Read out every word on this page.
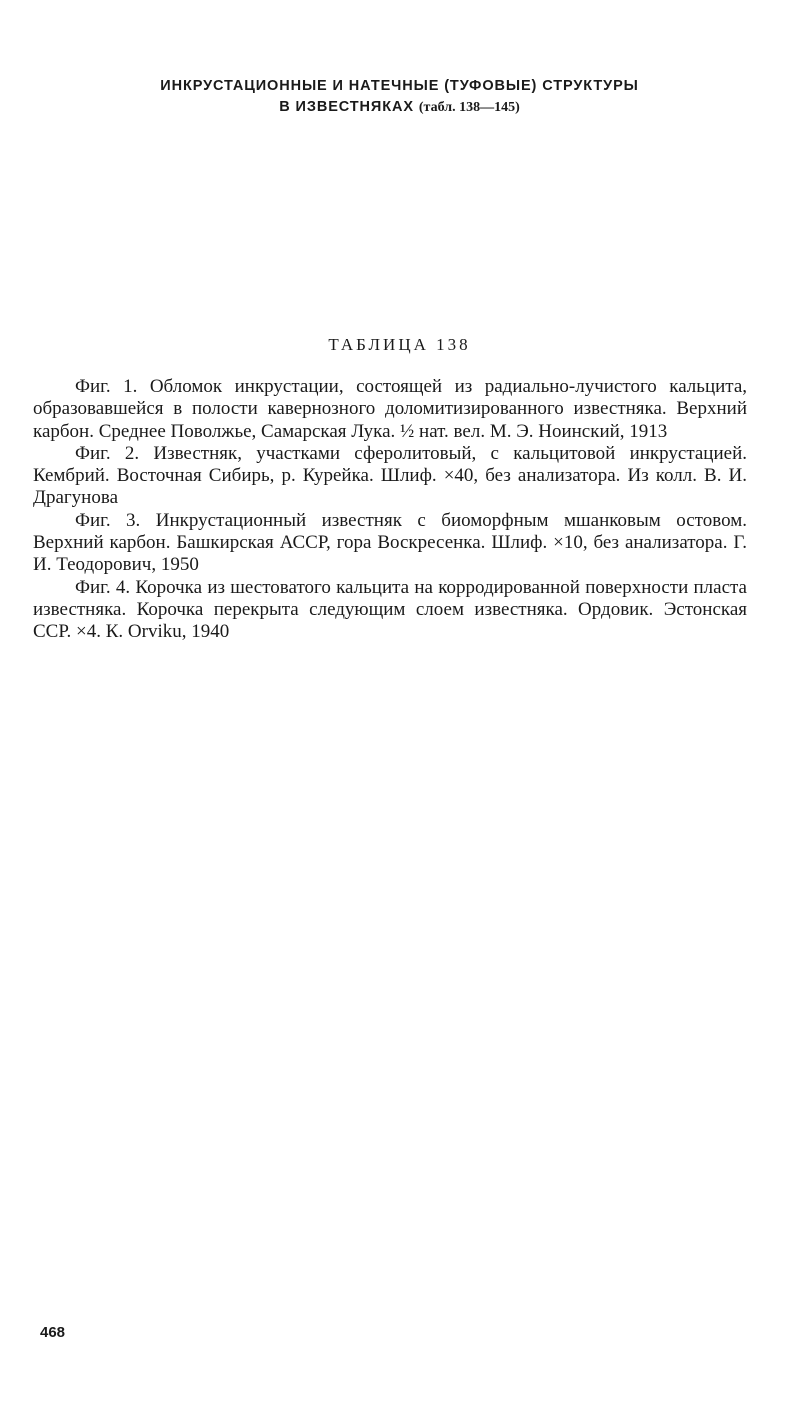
ИНКРУСТАЦИОННЫЕ И НАТЕЧНЫЕ (ТУФОВЫЕ) СТРУКТУРЫ
В ИЗВЕСТНЯКАХ (табл. 138—145)
ТАБЛИЦА 138

Фиг. 1. Обломок инкрустации, состоящей из радиально-лучистого кальцита, образовавшейся в полости кавернозного доломитизированного известняка. Верхний карбон. Среднее Поволжье, Самарская Лука. ½ нат. вел. М. Э. Ноинский, 1913

Фиг. 2. Известняк, участками сферолитовый, с кальцитовой инкрустацией. Кембрий. Восточная Сибирь, р. Курейка. Шлиф. ×40, без анализатора. Из колл. В. И. Драгунова

Фиг. 3. Инкрустационный известняк с биоморфным мшанковым остовом. Верхний карбон. Башкирская АССР, гора Воскресенка. Шлиф. ×10, без анализатора. Г. И. Теодорович, 1950

Фиг. 4. Корочка из шестоватого кальцита на корродированной поверхности пласта известняка. Корочка перекрыта следующим слоем известняка. Ордовик. Эстонская ССР. ×4. К. Orviku, 1940

468
